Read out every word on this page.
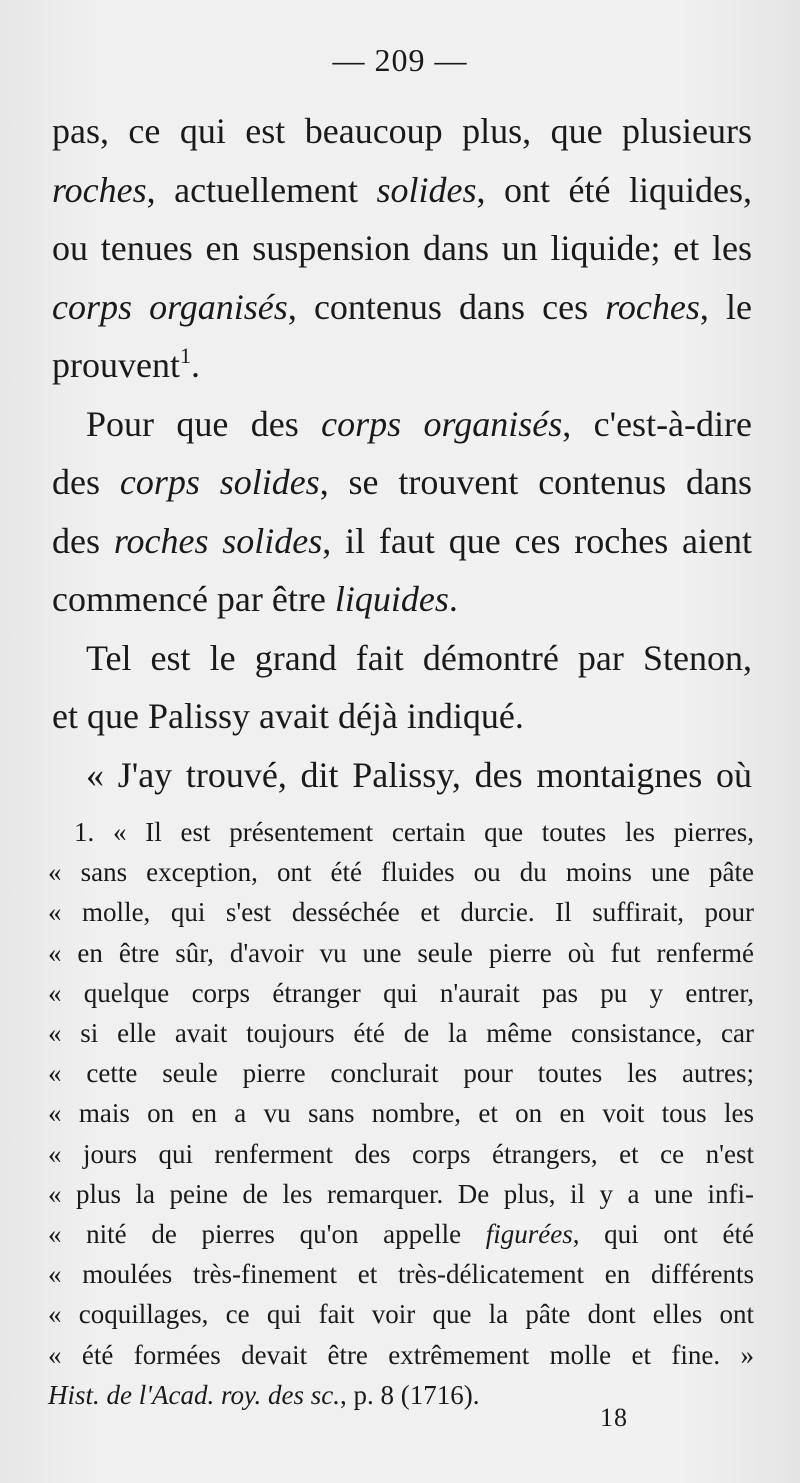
— 209 —

pas, ce qui est beaucoup plus, que plusieurs
roches, actuellement solides, ont été liquides,
ou tenues en suspension dans un liquide; et les
corps organisés, contenus dans ces roches, le
prouvent$^1$.

Pour que des corps organisés, c'est-à-dire
des corps solides, se trouvent contenus dans
des roches solides, il faut que ces roches aient
commencé par être liquides.

Tel est le grand fait démontré par Stenon,
et que Palissy avait déjà indiqué.

« J'ay trouvé, dit Palissy, des montaignes où

1. « Il est présentement certain que toutes les pierres,
« sans exception, ont été fluides ou du moins une pâte
« molle, qui s'est desséchée et durcie. Il suffirait, pour
« en être sûr, d'avoir vu une seule pierre où fut renfermé
« quelque corps étranger qui n'aurait pas pu y entrer,
« si elle avait toujours été de la même consistance, car
« cette seule pierre conclurait pour toutes les autres;
« mais on en a vu sans nombre, et on en voit tous les
« jours qui renferment des corps étrangers, et ce n'est
« plus la peine de les remarquer. De plus, il y a une infi-
« nité de pierres qu'on appelle figurées, qui ont été
« moulées très-finement et très-délicatement en différents
« coquillages, ce qui fait voir que la pâte dont elles ont
« été formées devait être extrêmement molle et fine. »
Hist. de l'Acad. roy. des sc., p. 8 (1716).
18
